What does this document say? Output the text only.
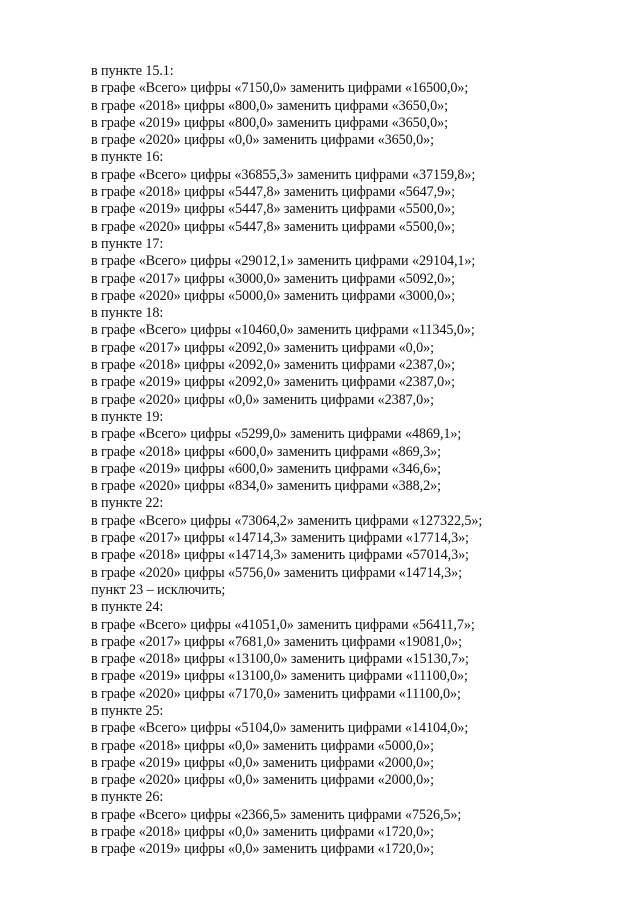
в пункте 15.1:
в графе «Всего» цифры «7150,0» заменить цифрами «16500,0»;
в графе «2018» цифры «800,0» заменить цифрами «3650,0»;
в графе «2019» цифры «800,0» заменить цифрами «3650,0»;
в графе «2020» цифры «0,0» заменить цифрами «3650,0»;
в пункте 16:
в графе «Всего» цифры «36855,3» заменить цифрами «37159,8»;
в графе «2018» цифры «5447,8» заменить цифрами «5647,9»;
в графе «2019» цифры «5447,8» заменить цифрами «5500,0»;
в графе «2020» цифры «5447,8» заменить цифрами «5500,0»;
в пункте 17:
в графе «Всего» цифры «29012,1» заменить цифрами «29104,1»;
в графе «2017» цифры «3000,0» заменить цифрами «5092,0»;
в графе «2020» цифры «5000,0» заменить цифрами «3000,0»;
в пункте 18:
в графе «Всего» цифры «10460,0» заменить цифрами «11345,0»;
в графе «2017» цифры «2092,0» заменить цифрами «0,0»;
в графе «2018» цифры «2092,0» заменить цифрами «2387,0»;
в графе «2019» цифры «2092,0» заменить цифрами «2387,0»;
в графе «2020» цифры «0,0» заменить цифрами «2387,0»;
в пункте 19:
в графе «Всего» цифры «5299,0» заменить цифрами «4869,1»;
в графе «2018» цифры «600,0» заменить цифрами «869,3»;
в графе «2019» цифры «600,0» заменить цифрами «346,6»;
в графе «2020» цифры «834,0» заменить цифрами «388,2»;
в пункте 22:
в графе «Всего» цифры «73064,2» заменить цифрами «127322,5»;
в графе «2017» цифры «14714,3» заменить цифрами «17714,3»;
в графе «2018» цифры «14714,3» заменить цифрами «57014,3»;
в графе «2020» цифры «5756,0» заменить цифрами «14714,3»;
пункт 23 – исключить;
в пункте 24:
в графе «Всего» цифры «41051,0» заменить цифрами «56411,7»;
в графе «2017» цифры «7681,0» заменить цифрами «19081,0»;
в графе «2018» цифры «13100,0» заменить цифрами «15130,7»;
в графе «2019» цифры «13100,0» заменить цифрами «11100,0»;
в графе «2020» цифры «7170,0» заменить цифрами «11100,0»;
в пункте 25:
в графе «Всего» цифры «5104,0» заменить цифрами «14104,0»;
в графе «2018» цифры «0,0» заменить цифрами «5000,0»;
в графе «2019» цифры «0,0» заменить цифрами «2000,0»;
в графе «2020» цифры «0,0» заменить цифрами «2000,0»;
в пункте 26:
в графе «Всего» цифры «2366,5» заменить цифрами «7526,5»;
в графе «2018» цифры «0,0» заменить цифрами «1720,0»;
в графе «2019» цифры «0,0» заменить цифрами «1720,0»;
